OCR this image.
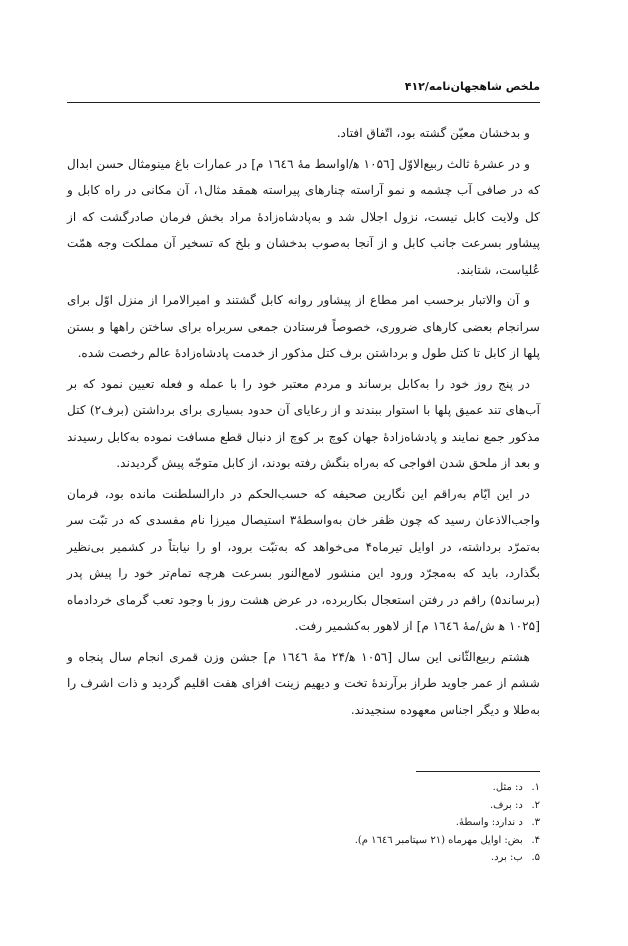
ملخص شاهجهان‌نامه/۴۱۲

و بدخشان معیّن گشته بود، اتّفاق افتاد.

و در عشرهٔ ثالث ربیع‌الاوّل [۱۰۵٦ ﻫ/اواسط مهٔ ١٦٤٦ م] در عمارات باغ مینومثال حسن ابدال که در صافی آب چشمه و نمو آراسته چنارهای پیراسته همقد مثال۱، آن مکانی در راه کابل و کل ولایت کابل نیست، نزول اجلال شد و به‌پادشاه‌زادهٔ مراد بخش فرمان صادرگشت که از پیشاور بسرعت جانب کابل و از آنجا به‌صوب بدخشان و بلخ که تسخیر آن مملکت وجه همّت عُلیاست، شتابند.

و آن والاتبار برحسب امر مطاع از پیشاور روانه کابل گشتند و امیرالامرا از منزل اوّل برای سرانجام بعضی کارهای ضروری، خصوصاً فرستادن جمعی سربراه برای ساختن راهها و بستن پلها از کابل تا کتل طول و برداشتن برف کتل مذکور از خدمت پادشاه‌زادهٔ عالم رخصت شده.

در پنج روز خود را به‌کابل برساند و مردم معتبر خود را با عمله و فعله تعیین نمود که بر آب‌های تند عمیق پلها با استوار ببندند و از رعایای آن حدود بسیاری برای برداشتن (برف۲) کتل مذکور جمع نمایند و پادشاه‌زادهٔ جهان کوچ بر کوچ از دنبال قطع مسافت نموده به‌کابل رسیدند و بعد از ملحق شدن افواجی که به‌راه بنگش رفته بودند، از کابل متوجّه پیش گردیدند.

در این ایّام به‌راقم این نگارین صحیفه که حسب‌الحکم در دارالسلطنت مانده بود، فرمان واجب‌الاذعان رسید که چون ظفر خان به‌واسطهٔ۳ استیصال میرزا نام مفسدی که در تبّت سر به‌تمرّد برداشته، در اوایل تیرماه۴ می‌خواهد که به‌تبّت برود، او را نیابتاً در کشمیر بی‌نظیر بگذارد، باید که به‌مجرّد ورود این منشور لامع‌النور بسرعت هرچه تمام‌تر خود را پیش پدر (برساند۵) راقم در رفتن استعجال بکاربرده، در عرض هشت روز با وجود تعب گرمای خردادماه [۱۰۲۵ ﻫ ش/مهٔ ١٦٤٦ م] از لاهور به‌کشمیر رفت.

هشتم ربیع‌الثّانی این سال [۱۰۵٦ ﻫ/۲۴ مهٔ ١٦٤٦ م] جشن وزن قمری انجام سال پنجاه و ششم از عمر جاوید طراز برآرندهٔ تخت و دیهیم زینت افزای هفت اقلیم گردید و ذات اشرف را به‌طلا و دیگر اجناس معهوده سنجیدند.

۱. د: مثل.
۲. د: برف.
۳. د ندارد: واسطهٔ.
۴. بض: اوایل مهرماه (۲۱ سپتامبر ١٦٤٦ م).
۵. ب: برد.
